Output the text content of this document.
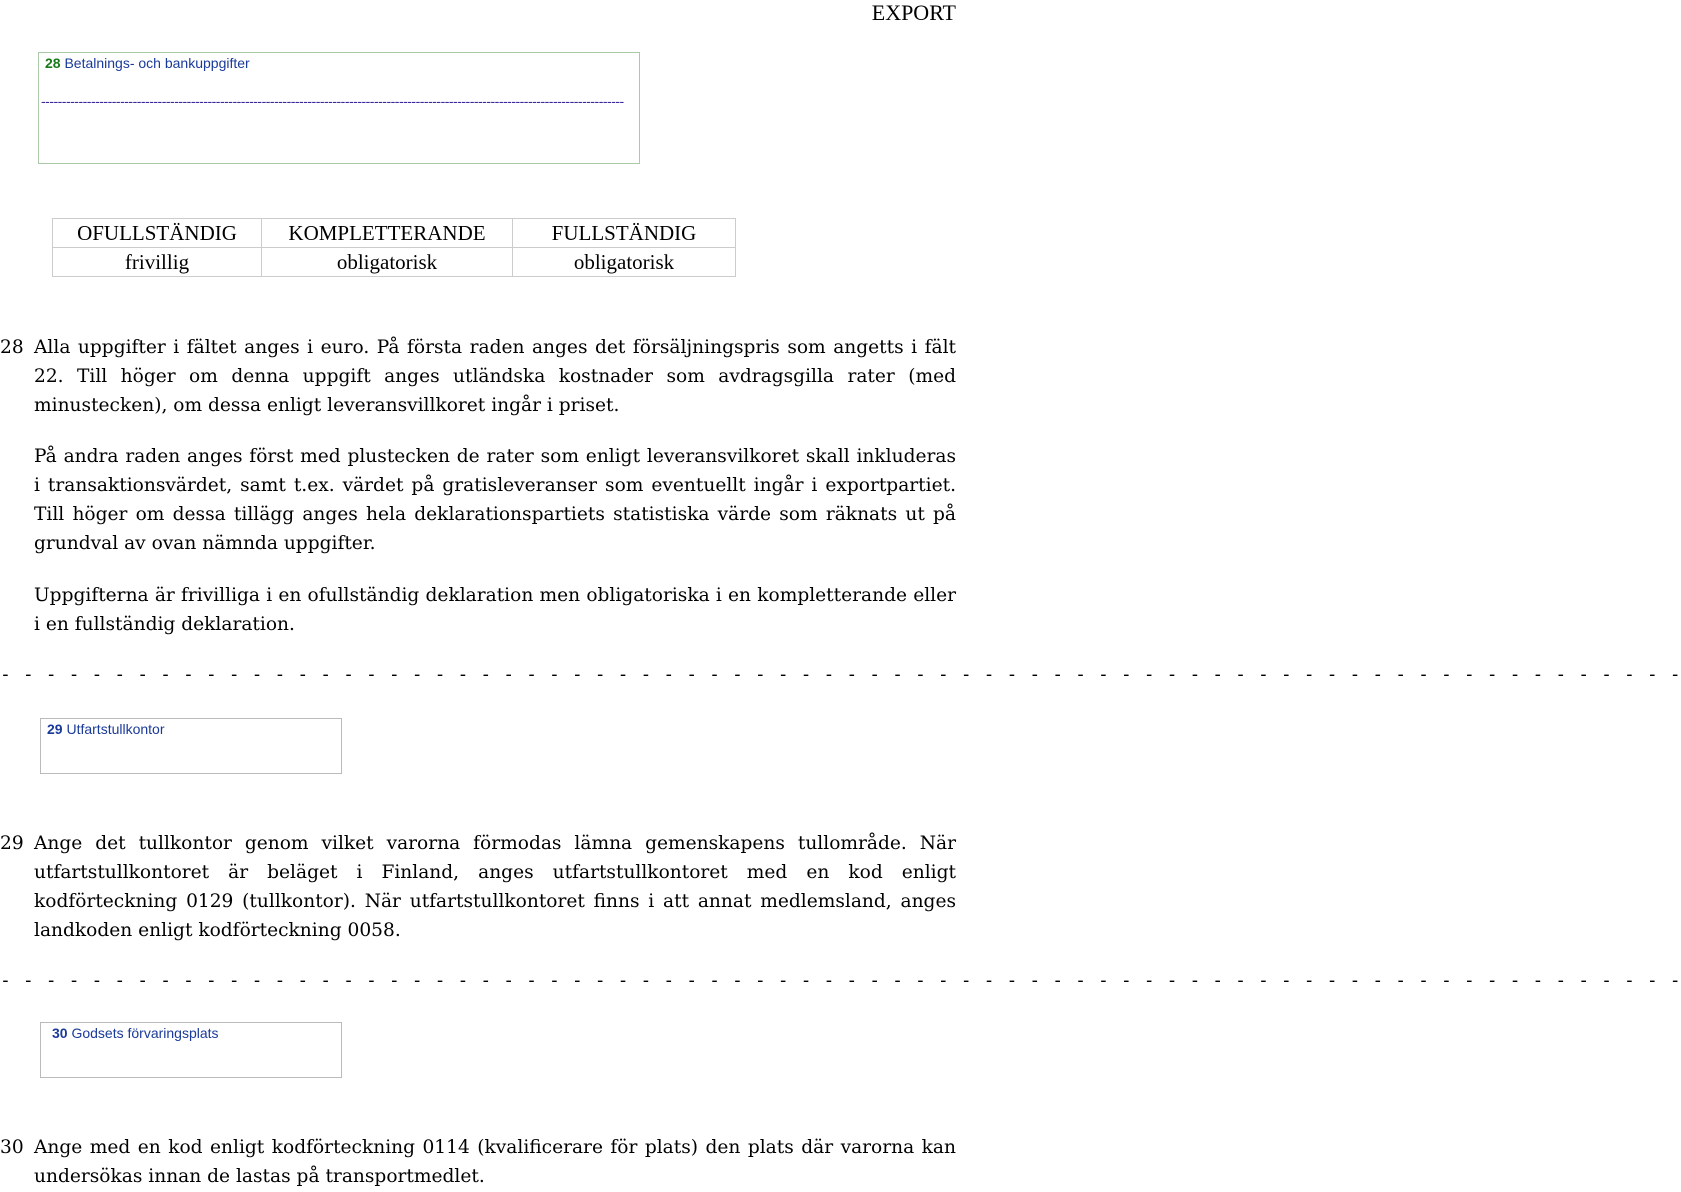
EXPORT
28 Betalnings- och bankuppgifter
--------------------------------------------------------------------------------------------------------------------------------------------
OFULLSTÄNDIG	KOMPLETTERANDE	FULLSTÄNDIG
frivillig	obligatorisk	obligatorisk
28 Alla uppgifter i fältet anges i euro. På första raden anges det försäljningspris som angetts i fält 22. Till höger om denna uppgift anges utländska kostnader som avdragsgilla rater (med minustecken), om dessa enligt leveransvillkoret ingår i priset.
På andra raden anges först med plustecken de rater som enligt leveransvilkoret skall inkluderas i transaktionsvärdet, samt t.ex. värdet på gratisleveranser som eventuellt ingår i exportpartiet. Till höger om dessa tillägg anges hela deklarationspartiets statistiska värde som räknats ut på grundval av ovan nämnda uppgifter.
Uppgifterna är frivilliga i en ofullständig deklaration men obligatoriska i en kompletterande eller i en fullständig deklaration.
- - - - - - - - - - - - - - - - - - - - - - - - - - - - - - - - - - - - - - - - - - - - - - - - - - - - - - - - - - - - - - - - - - - - - - - - - -
29 Utfartstullkontor
29 Ange det tullkontor genom vilket varorna förmodas lämna gemenskapens tullområde. När utfartstullkontoret är beläget i Finland, anges utfartstullkontoret med en kod enligt kodförteckning 0129 (tullkontor). När utfartstullkontoret finns i att annat medlemsland, anges landkoden enligt kodförteckning 0058.
- - - - - - - - - - - - - - - - - - - - - - - - - - - - - - - - - - - - - - - - - - - - - - - - - - - - - - - - - - - - - - - - - - - - - - - - - -
30 Godsets förvaringsplats
30 Ange med en kod enligt kodförteckning 0114 (kvalificerare för plats) den plats där varorna kan undersökas innan de lastas på transportmedlet.
